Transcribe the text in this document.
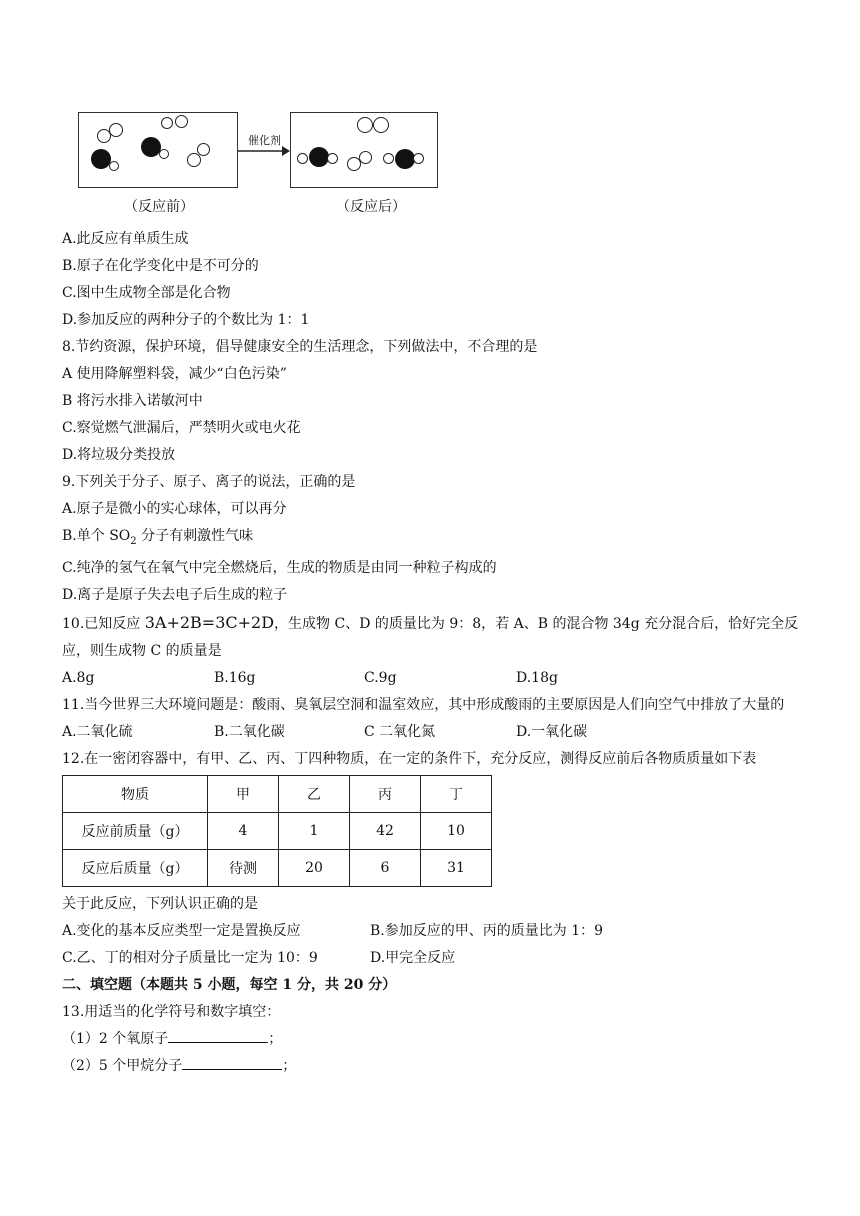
催化剂
（反应前）	（反应后）

A.此反应有单质生成

B.原子在化学变化中是不可分的

C.图中生成物全部是化合物

D.参加反应的两种分子的个数比为 1：1

8.节约资源，保护环境，倡导健康安全的生活理念，下列做法中，不合理的是

A 使用降解塑料袋，减少“白色污染”

B 将污水排入诺敏河中

C.察觉燃气泄漏后，严禁明火或电火花

D.将垃圾分类投放

9.下列关于分子、原子、离子的说法，正确的是

A.原子是微小的实心球体，可以再分

B.单个 $SO_2$ 分子有刺激性气味

C.纯净的氢气在氧气中完全燃烧后，生成的物质是由同一种粒子构成的

D.离子是原子失去电子后生成的粒子

10.已知反应 3A+2B=3C+2D，生成物 C、D 的质量比为 9：8，若 A、B 的混合物 34g 充分混合后，恰好完全反应，则生成物 C 的质量是

A.8g	B.16g	C.9g	D.18g

11.当今世界三大环境问题是：酸雨、臭氧层空洞和温室效应，其中形成酸雨的主要原因是人们向空气中排放了大量的

A.二氧化硫	B.二氧化碳	C 二氧化氮	D.一氧化碳

12.在一密闭容器中，有甲、乙、丙、丁四种物质，在一定的条件下，充分反应，测得反应前后各物质质量如下表

物质	甲	乙	丙	丁
反应前质量（g）	4	1	42	10
反应后质量（g）	待测	20	6	31

关于此反应，下列认识正确的是

A.变化的基本反应类型一定是置换反应	B.参加反应的甲、丙的质量比为 1：9
C.乙、丁的相对分子质量比一定为 10：9	D.甲完全反应

二、填空题（本题共 5 小题，每空 1 分，共 20 分）

13.用适当的化学符号和数字填空：

（1）2 个氧原子	；

（2）5 个甲烷分子	；
